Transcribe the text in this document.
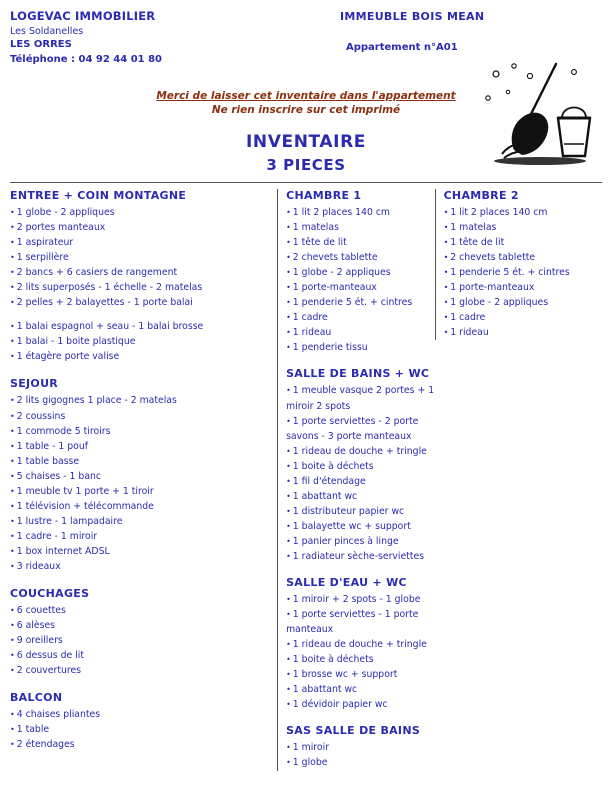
LOGEVAC IMMOBILIER
Les Soldanelles
LES ORRES
Téléphone : 04 92 44 01 80
IMMEUBLE BOIS MEAN
Appartement n°A01
Merci de laisser cet inventaire dans l'appartement
Ne rien inscrire sur cet imprimé
INVENTAIRE
3 PIECES
ENTREE + COIN MONTAGNE
• 1 globe - 2 appliques
• 2 portes manteaux
• 1 aspirateur
• 1 serpillère
• 2 bancs + 6 casiers de rangement
• 2 lits superposés - 1 échelle - 2 matelas
• 2 pelles + 2 balayettes - 1 porte balai
• 1 balai espagnol + seau - 1 balai brosse
• 1 balai - 1 boite plastique
• 1 étagère porte valise
SEJOUR
• 2 lits gigognes 1 place - 2 matelas
• 2 coussins
• 1 commode 5 tiroirs
• 1 table - 1 pouf
• 1 table basse
• 5 chaises - 1 banc
• 1 meuble tv 1 porte + 1 tiroir
• 1 télévision + télécommande
• 1 lustre - 1 lampadaire
• 1 cadre - 1 miroir
• 1 box internet ADSL
• 3 rideaux
COUCHAGES
• 6 couettes
• 6 alèses
• 9 oreillers
• 6 dessus de lit
• 2 couvertures
BALCON
• 4 chaises pliantes
• 1 table
• 2 étendages
CHAMBRE 1
• 1 lit 2 places 140 cm
• 1 matelas
• 1 tête de lit
• 2 chevets tablette
• 1 globe - 2 appliques
• 1 porte-manteaux
• 1 penderie 5 ét. + cintres
• 1 cadre
• 1 rideau
• 1 penderie tissu
SALLE DE BAINS + WC
• 1 meuble vasque 2 portes + 1 miroir 2 spots
• 1 porte serviettes - 2 porte savons - 3 porte manteaux
• 1 rideau de douche + tringle
• 1 boite à déchets
• 1 fil d'étendage
• 1 abattant wc
• 1 distributeur papier wc
• 1 balayette wc + support
• 1 panier pinces à linge
• 1 radiateur sèche-serviettes
SALLE D'EAU + WC
• 1 miroir + 2 spots - 1 globe
• 1 porte serviettes - 1 porte manteaux
• 1 rideau de douche + tringle
• 1 boite à déchets
• 1 brosse wc + support
• 1 abattant wc
• 1 dévidoir papier wc
SAS SALLE DE BAINS
• 1 miroir
• 1 globe
CHAMBRE 2
• 1 lit 2 places 140 cm
• 1 matelas
• 1 tête de lit
• 2 chevets tablette
• 1 penderie 5 ét. + cintres
• 1 porte-manteaux
• 1 globe - 2 appliques
• 1 cadre
• 1 rideau
